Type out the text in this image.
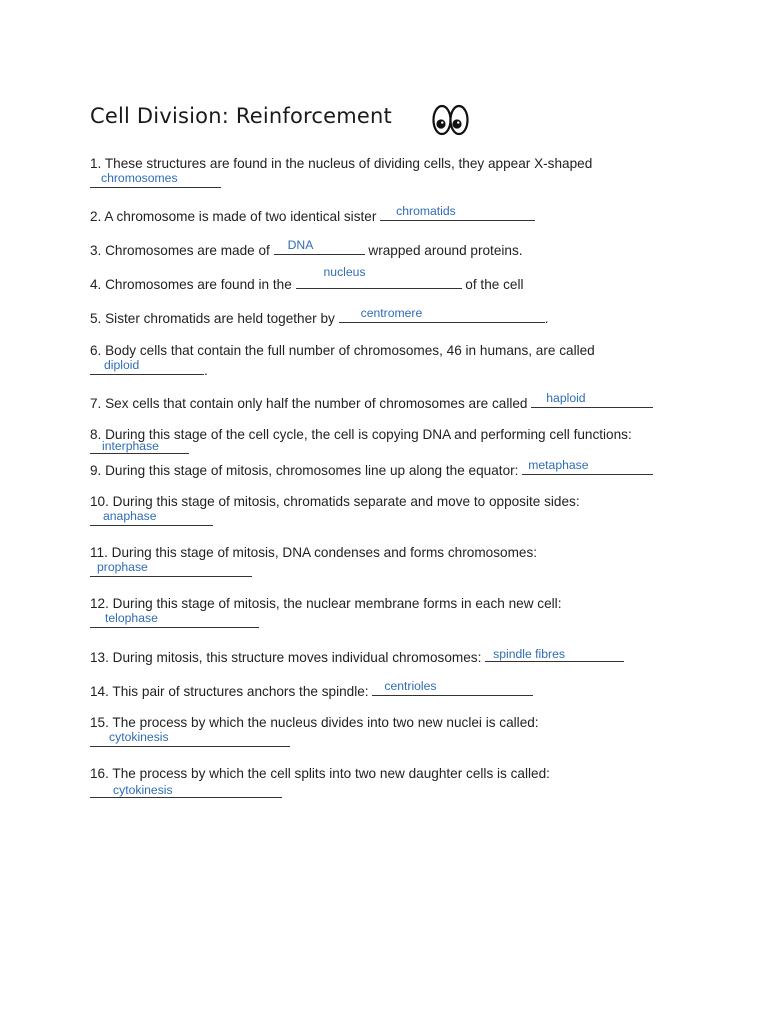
Cell Division: Reinforcement
1. These structures are found in the nucleus of dividing cells, they appear X-shaped
chromosomes
2. A chromosome is made of two identical sister chromatids
3. Chromosomes are made of DNA	wrapped around proteins.
4. Chromosomes are found in the
nucleus
of the cell
5. Sister chromatids are held together by centromere	.
6. Body cells that contain the full number of chromosomes, 46 in humans, are called
diploid	.
7. Sex cells that contain only half the number of chromosomes are called haploid
8. During this stage of the cell cycle, the cell is copying DNA and performing cell functions:
interphase
9. During this stage of mitosis, chromosomes line up along the equator: metaphase
10. During this stage of mitosis, chromatids separate and move to opposite sides:
anaphase
11. During this stage of mitosis, DNA condenses and forms chromosomes:
prophase
12. During this stage of mitosis, the nuclear membrane forms in each new cell:
telophase
13. During mitosis, this structure moves individual chromosomes: spindle fibres
14. This pair of structures anchors the spindle: centrioles
15. The process by which the nucleus divides into two new nuclei is called:
cytokinesis
16. The process by which the cell splits into two new daughter cells is called:
cytokinesis
